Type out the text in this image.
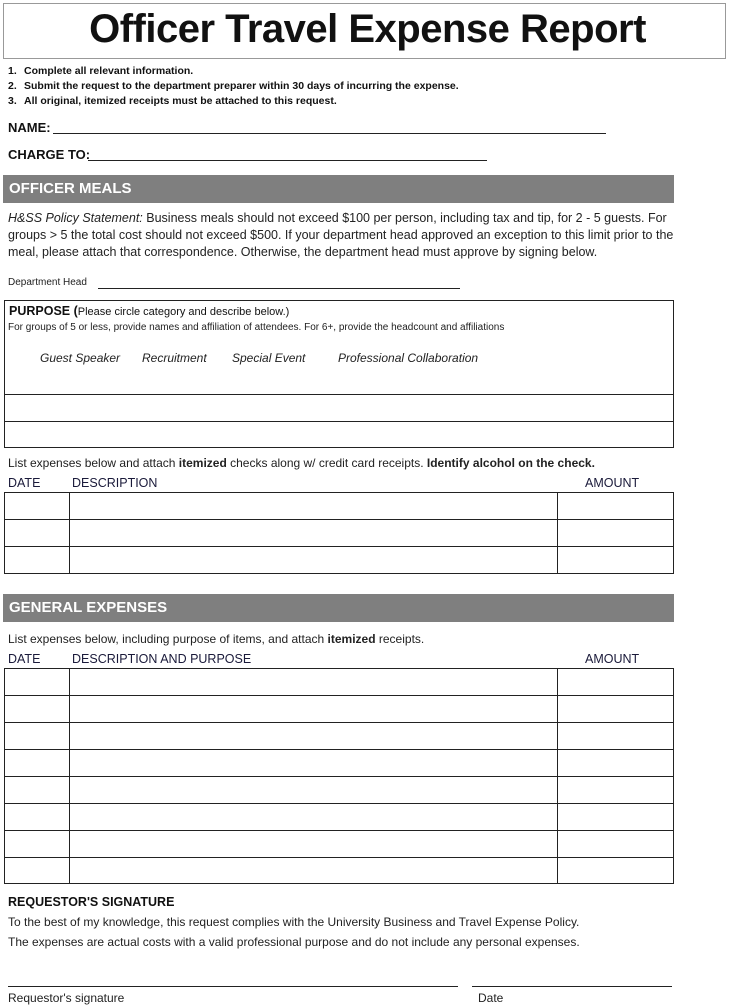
Officer Travel Expense Report
1. Complete all relevant information.
2. Submit the request to the department preparer within 30 days of incurring the expense.
3. All original, itemized receipts must be attached to this request.
NAME:
CHARGE TO:
OFFICER MEALS
H&SS Policy Statement: Business meals should not exceed $100 per person, including tax and tip, for 2 - 5 guests. For groups > 5 the total cost should not exceed $500. If your department head approved an exception to this limit prior to the meal, please attach that correspondence. Otherwise, the department head must approve by signing below.
Department Head
PURPOSE (Please circle category and describe below.)
For groups of 5 or less, provide names and affiliation of attendees. For 6+, provide the headcount and affiliations
Guest Speaker Recruitment Special Event	Professional Collaboration
List expenses below and attach itemized checks along w/ credit card receipts. Identify alcohol on the check.
DATE	DESCRIPTION	AMOUNT
GENERAL EXPENSES
List expenses below, including purpose of items, and attach itemized receipts.
DATE	DESCRIPTION AND PURPOSE	AMOUNT
REQUESTOR'S SIGNATURE
To the best of my knowledge, this request complies with the University Business and Travel Expense Policy.
The expenses are actual costs with a valid professional purpose and do not include any personal expenses.
Requestor's signature	Date
